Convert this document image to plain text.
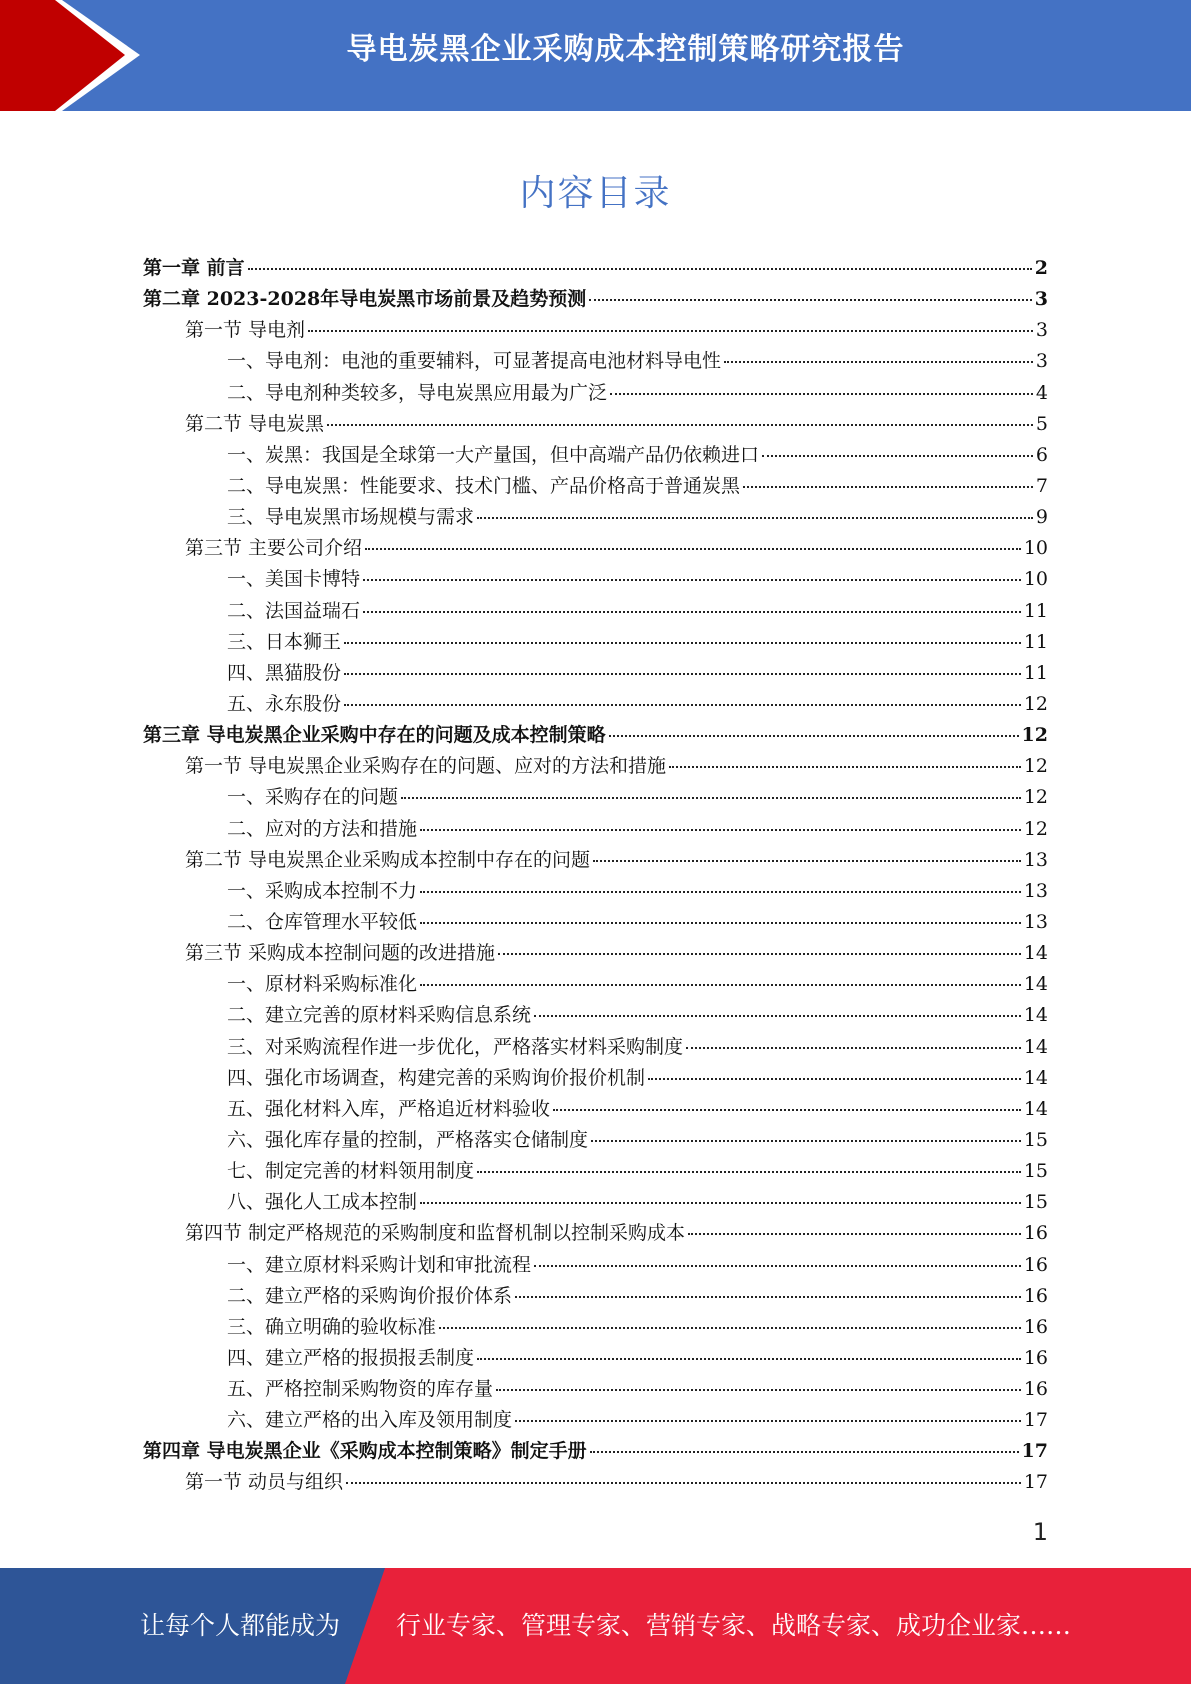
导电炭黑企业采购成本控制策略研究报告
内容目录
第一章 前言	2
第二章 2023-2028年导电炭黑市场前景及趋势预测	3
第一节 导电剂	3
一、导电剂：电池的重要辅料，可显著提高电池材料导电性	3
二、导电剂种类较多，导电炭黑应用最为广泛	4
第二节 导电炭黑	5
一、炭黑：我国是全球第一大产量国，但中高端产品仍依赖进口	6
二、导电炭黑：性能要求、技术门槛、产品价格高于普通炭黑	7
三、导电炭黑市场规模与需求	9
第三节 主要公司介绍	10
一、美国卡博特	10
二、法国益瑞石	11
三、日本狮王	11
四、黑猫股份	11
五、永东股份	12
第三章 导电炭黑企业采购中存在的问题及成本控制策略	12
第一节 导电炭黑企业采购存在的问题、应对的方法和措施	12
一、采购存在的问题	12
二、应对的方法和措施	12
第二节 导电炭黑企业采购成本控制中存在的问题	13
一、采购成本控制不力	13
二、仓库管理水平较低	13
第三节 采购成本控制问题的改进措施	14
一、原材料采购标准化	14
二、建立完善的原材料采购信息系统	14
三、对采购流程作进一步优化，严格落实材料采购制度	14
四、强化市场调查，构建完善的采购询价报价机制	14
五、强化材料入库，严格追近材料验收	14
六、强化库存量的控制，严格落实仓储制度	15
七、制定完善的材料领用制度	15
八、强化人工成本控制	15
第四节 制定严格规范的采购制度和监督机制以控制采购成本	16
一、建立原材料采购计划和审批流程	16
二、建立严格的采购询价报价体系	16
三、确立明确的验收标准	16
四、建立严格的报损报丢制度	16
五、严格控制采购物资的库存量	16
六、建立严格的出入库及领用制度	17
第四章 导电炭黑企业《采购成本控制策略》制定手册	17
第一节 动员与组织	17
1
让每个人都能成为 行业专家、管理专家、营销专家、战略专家、成功企业家……
